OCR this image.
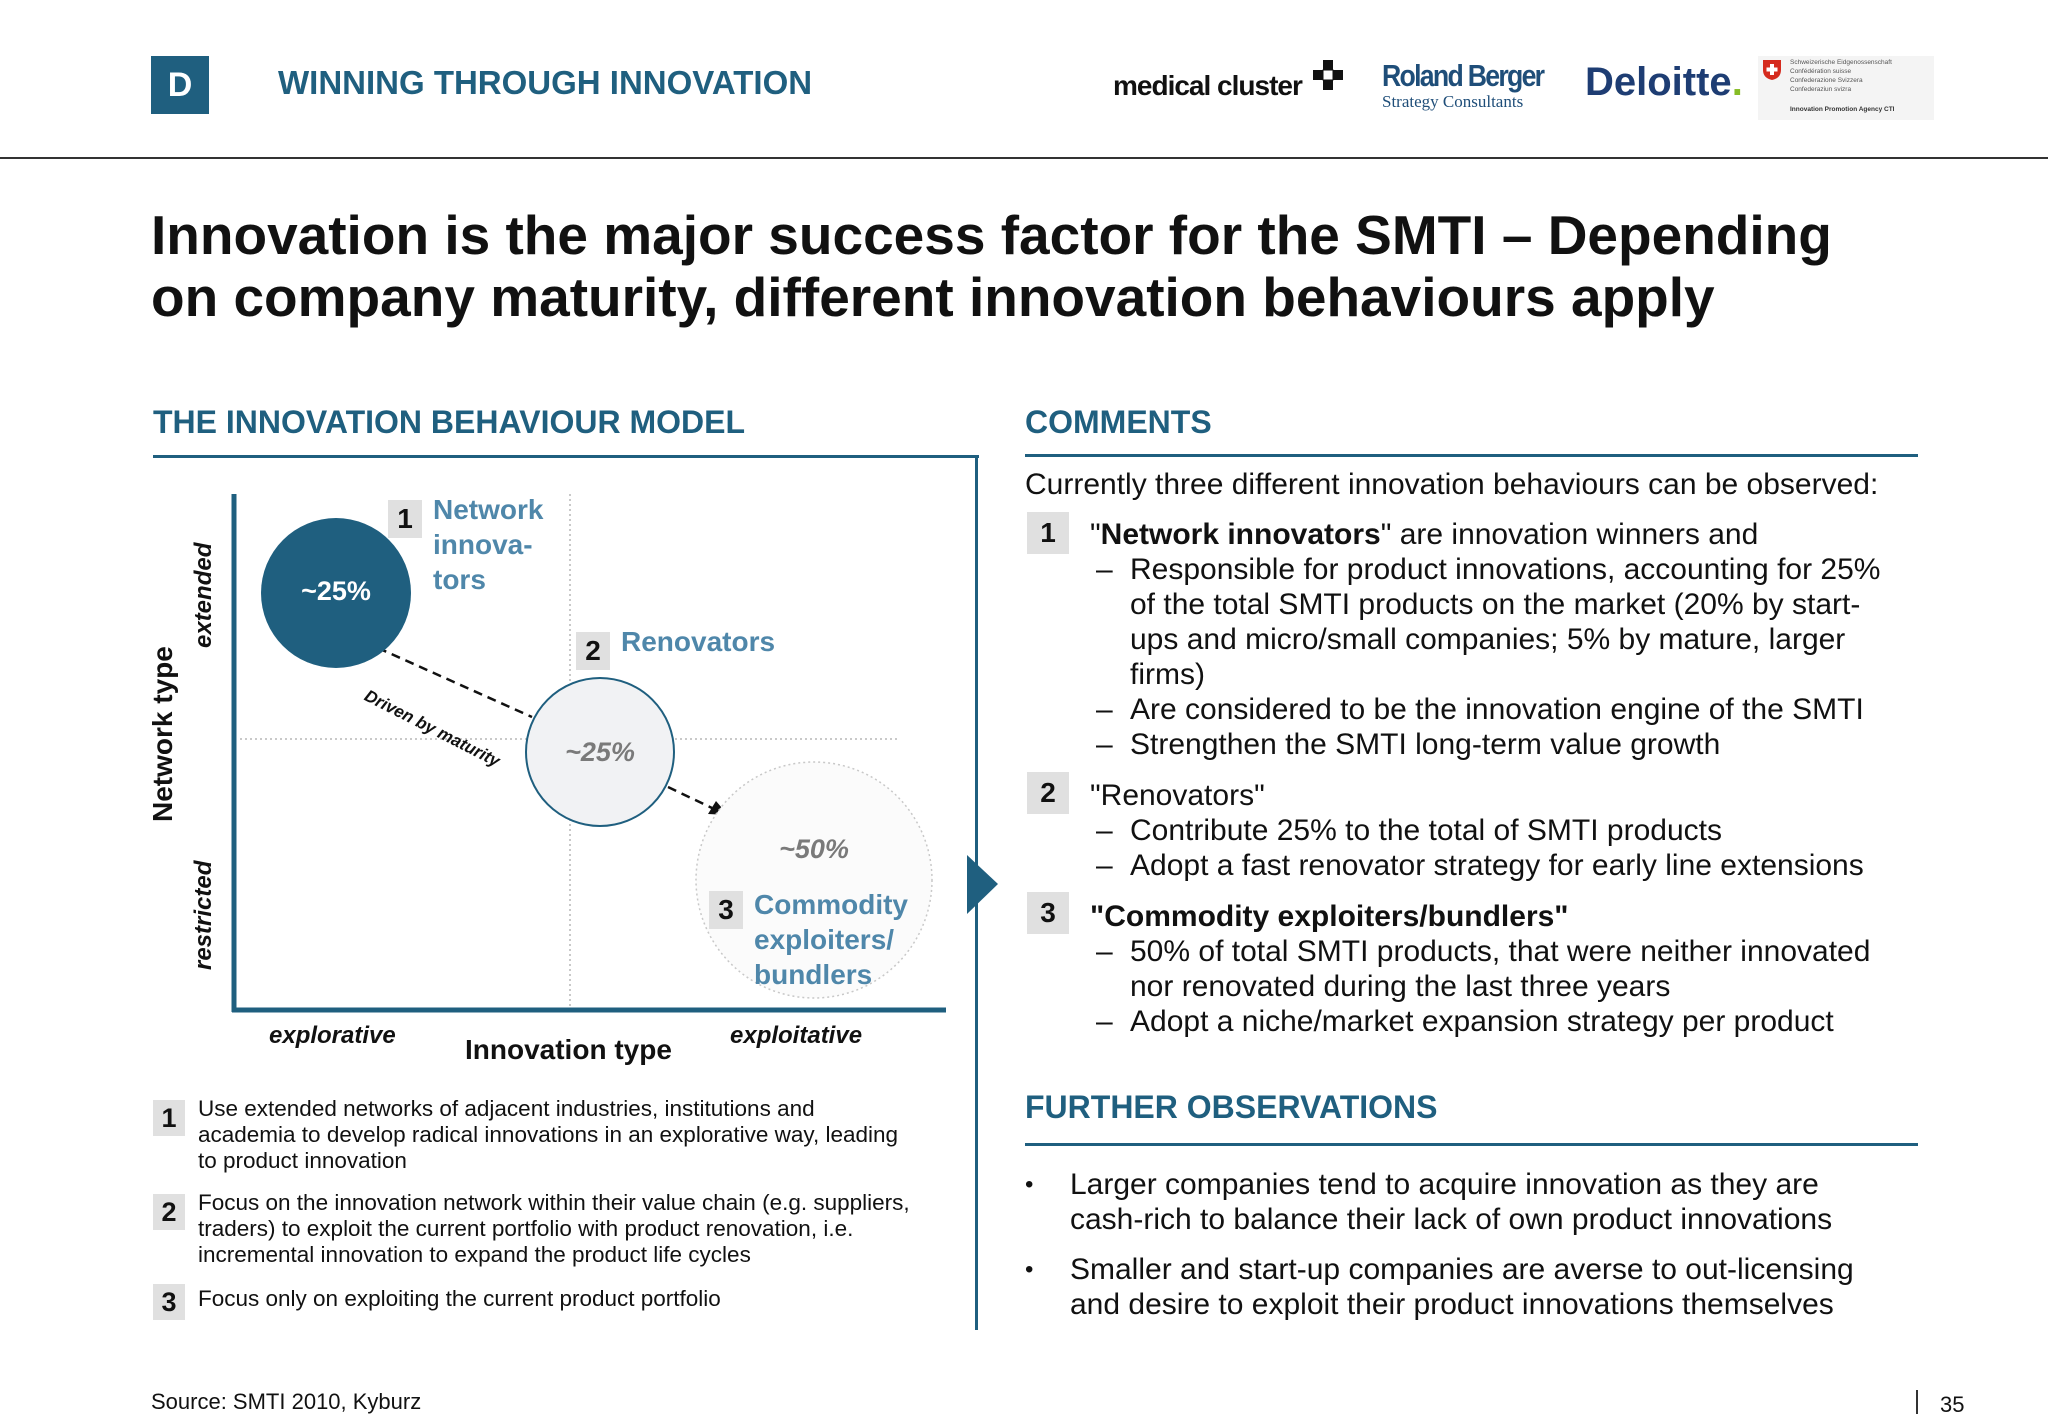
D	WINNING THROUGH INNOVATION	medical cluster	Roland Berger
Strategy Consultants	Deloitte.	Schweizerische Eidgenossenschaft
Confédération suisse
Confederazione Svizzera
Confederaziun svizra
Innovation Promotion Agency CTI
Innovation is the major success factor for the SMTI – Depending
on company maturity, different innovation behaviours apply
THE INNOVATION BEHAVIOUR MODEL
~25%
~25%
~50%
1 Network
innova-
tors
2 Renovators
3 Commodity
exploiters/
bundlers
Driven by maturity
Network type
extended
restricted
explorative Innovation type exploitative
1 Use extended networks of adjacent industries, institutions and
academia to develop radical innovations in an explorative way, leading
to product innovation
2 Focus on the innovation network within their value chain (e.g. suppliers,
traders) to exploit the current portfolio with product renovation, i.e.
incremental innovation to expand the product life cycles
3 Focus only on exploiting the current product portfolio
COMMENTS
Currently three different innovation behaviours can be observed:
1	"Network innovators" are innovation winners and
– Responsible for product innovations, accounting for 25%
of the total SMTI products on the market (20% by start-
ups and micro/small companies; 5% by mature, larger
firms)
– Are considered to be the innovation engine of the SMTI
– Strengthen the SMTI long-term value growth
2	"Renovators"
– Contribute 25% to the total of SMTI products
– Adopt a fast renovator strategy for early line extensions
3	"Commodity exploiters/bundlers"
– 50% of total SMTI products, that were neither innovated
nor renovated during the last three years
– Adopt a niche/market expansion strategy per product
FURTHER OBSERVATIONS
• Larger companies tend to acquire innovation as they are
cash-rich to balance their lack of own product innovations
• Smaller and start-up companies are averse to out-licensing
and desire to exploit their product innovations themselves
Source: SMTI 2010, Kyburz	35
